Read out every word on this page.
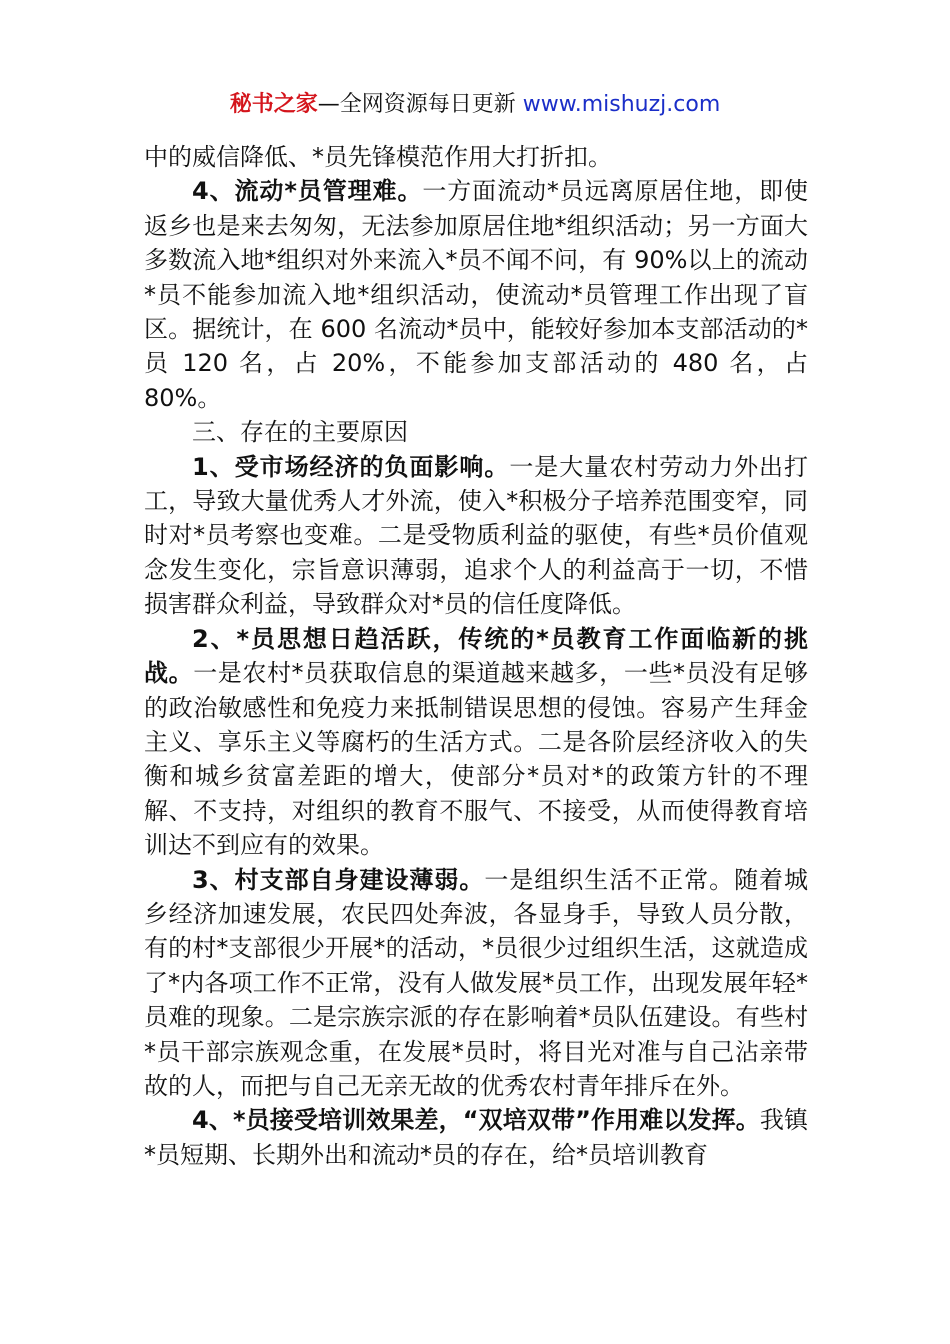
秘书之家—全网资源每日更新 www.mishuzj.com

中的威信降低、*员先锋模范作用大打折扣。

4、流动*员管理难。一方面流动*员远离原居住地，即使返乡也是来去匆匆，无法参加原居住地*组织活动；另一方面大多数流入地*组织对外来流入*员不闻不问，有 90%以上的流动*员不能参加流入地*组织活动，使流动*员管理工作出现了盲区。据统计，在 600 名流动*员中，能较好参加本支部活动的*员 120 名，占 20%，不能参加支部活动的 480 名，占 80%。

三、存在的主要原因

1、受市场经济的负面影响。一是大量农村劳动力外出打工，导致大量优秀人才外流，使入*积极分子培养范围变窄，同时对*员考察也变难。二是受物质利益的驱使，有些*员价值观念发生变化，宗旨意识薄弱，追求个人的利益高于一切，不惜损害群众利益，导致群众对*员的信任度降低。

2、*员思想日趋活跃，传统的*员教育工作面临新的挑战。一是农村*员获取信息的渠道越来越多，一些*员没有足够的政治敏感性和免疫力来抵制错误思想的侵蚀。容易产生拜金主义、享乐主义等腐朽的生活方式。二是各阶层经济收入的失衡和城乡贫富差距的增大，使部分*员对*的政策方针的不理解、不支持，对组织的教育不服气、不接受，从而使得教育培训达不到应有的效果。

3、村支部自身建设薄弱。一是组织生活不正常。随着城乡经济加速发展，农民四处奔波，各显身手，导致人员分散，有的村*支部很少开展*的活动，*员很少过组织生活，这就造成了*内各项工作不正常，没有人做发展*员工作，出现发展年轻*员难的现象。二是宗族宗派的存在影响着*员队伍建设。有些村*员干部宗族观念重，在发展*员时，将目光对准与自己沾亲带故的人，而把与自己无亲无故的优秀农村青年排斥在外。

4、*员接受培训效果差，“双培双带”作用难以发挥。我镇*员短期、长期外出和流动*员的存在，给*员培训教育
